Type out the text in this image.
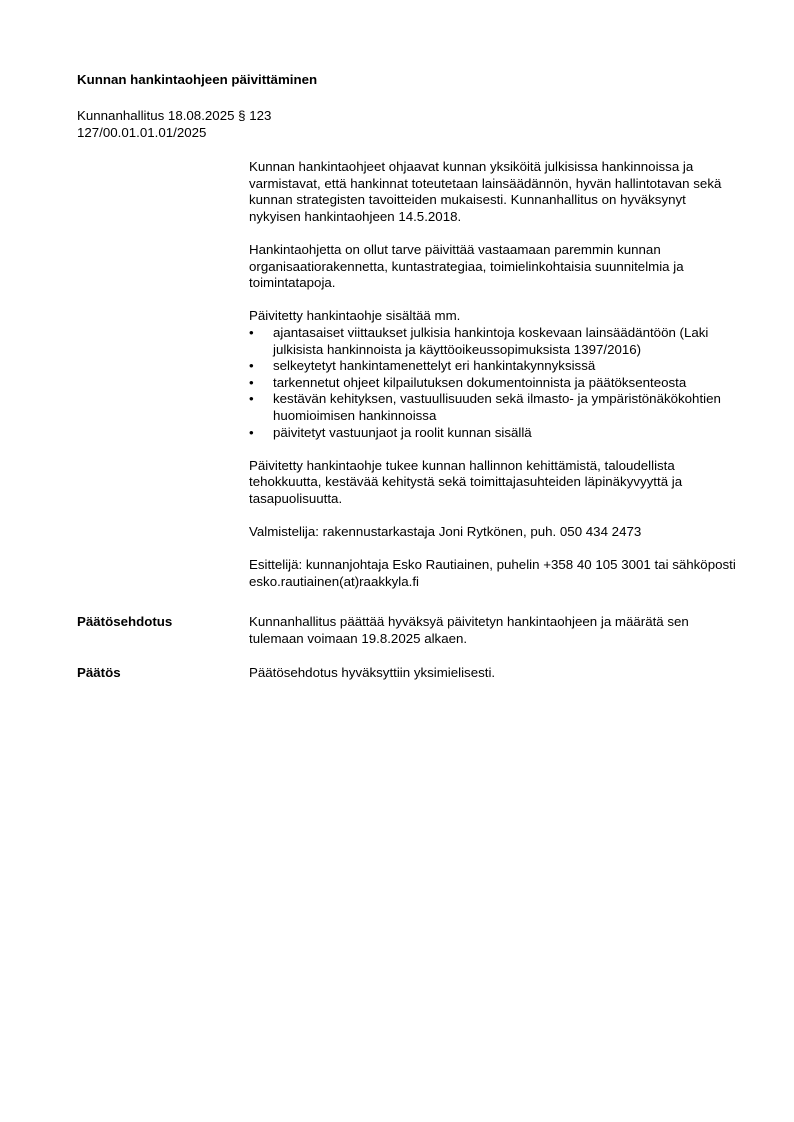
Kunnan hankintaohjeen päivittäminen
Kunnanhallitus 18.08.2025 § 123
127/00.01.01.01/2025

Kunnan hankintaohjeet ohjaavat kunnan yksiköitä julkisissa hankinnoissa ja varmistavat, että hankinnat toteutetaan lainsäädännön, hyvän hallintotavan sekä kunnan strategisten tavoitteiden mukaisesti. Kunnanhallitus on hyväksynyt nykyisen hankintaohjeen 14.5.2018.

Hankintaohjetta on ollut tarve päivittää vastaamaan paremmin kunnan organisaatiorakennetta, kuntastrategiaa, toimielinkohtaisia suunnitelmia ja toimintatapoja.

Päivitetty hankintaohje sisältää mm.
• ajantasaiset viittaukset julkisia hankintoja koskevaan lainsäädäntöön (Laki julkisista hankinnoista ja käyttöoikeussopimuksista 1397/2016)
• selkeytetyt hankintamenettelyt eri hankintakynnyksissä
• tarkennetut ohjeet kilpailutuksen dokumentoinnista ja päätöksenteosta
• kestävän kehityksen, vastuullisuuden sekä ilmasto- ja ympäristönäkökohtien huomioimisen hankinnoissa
• päivitetyt vastuunjaot ja roolit kunnan sisällä

Päivitetty hankintaohje tukee kunnan hallinnon kehittämistä, taloudellista tehokkuutta, kestävää kehitystä sekä toimittajasuhteiden läpinäkyvyyttä ja tasapuolisuutta.

Valmistelija: rakennustarkastaja Joni Rytkönen, puh. 050 434 2473

Esittelijä: kunnanjohtaja Esko Rautiainen, puhelin +358 40 105 3001 tai sähköposti esko.rautiainen(at)raakkyla.fi

Päätösehdotus	Kunnanhallitus päättää hyväksyä päivitetyn hankintaohjeen ja määrätä sen tulemaan voimaan 19.8.2025 alkaen.
Päätös	Päätösehdotus hyväksyttiin yksimielisesti.
